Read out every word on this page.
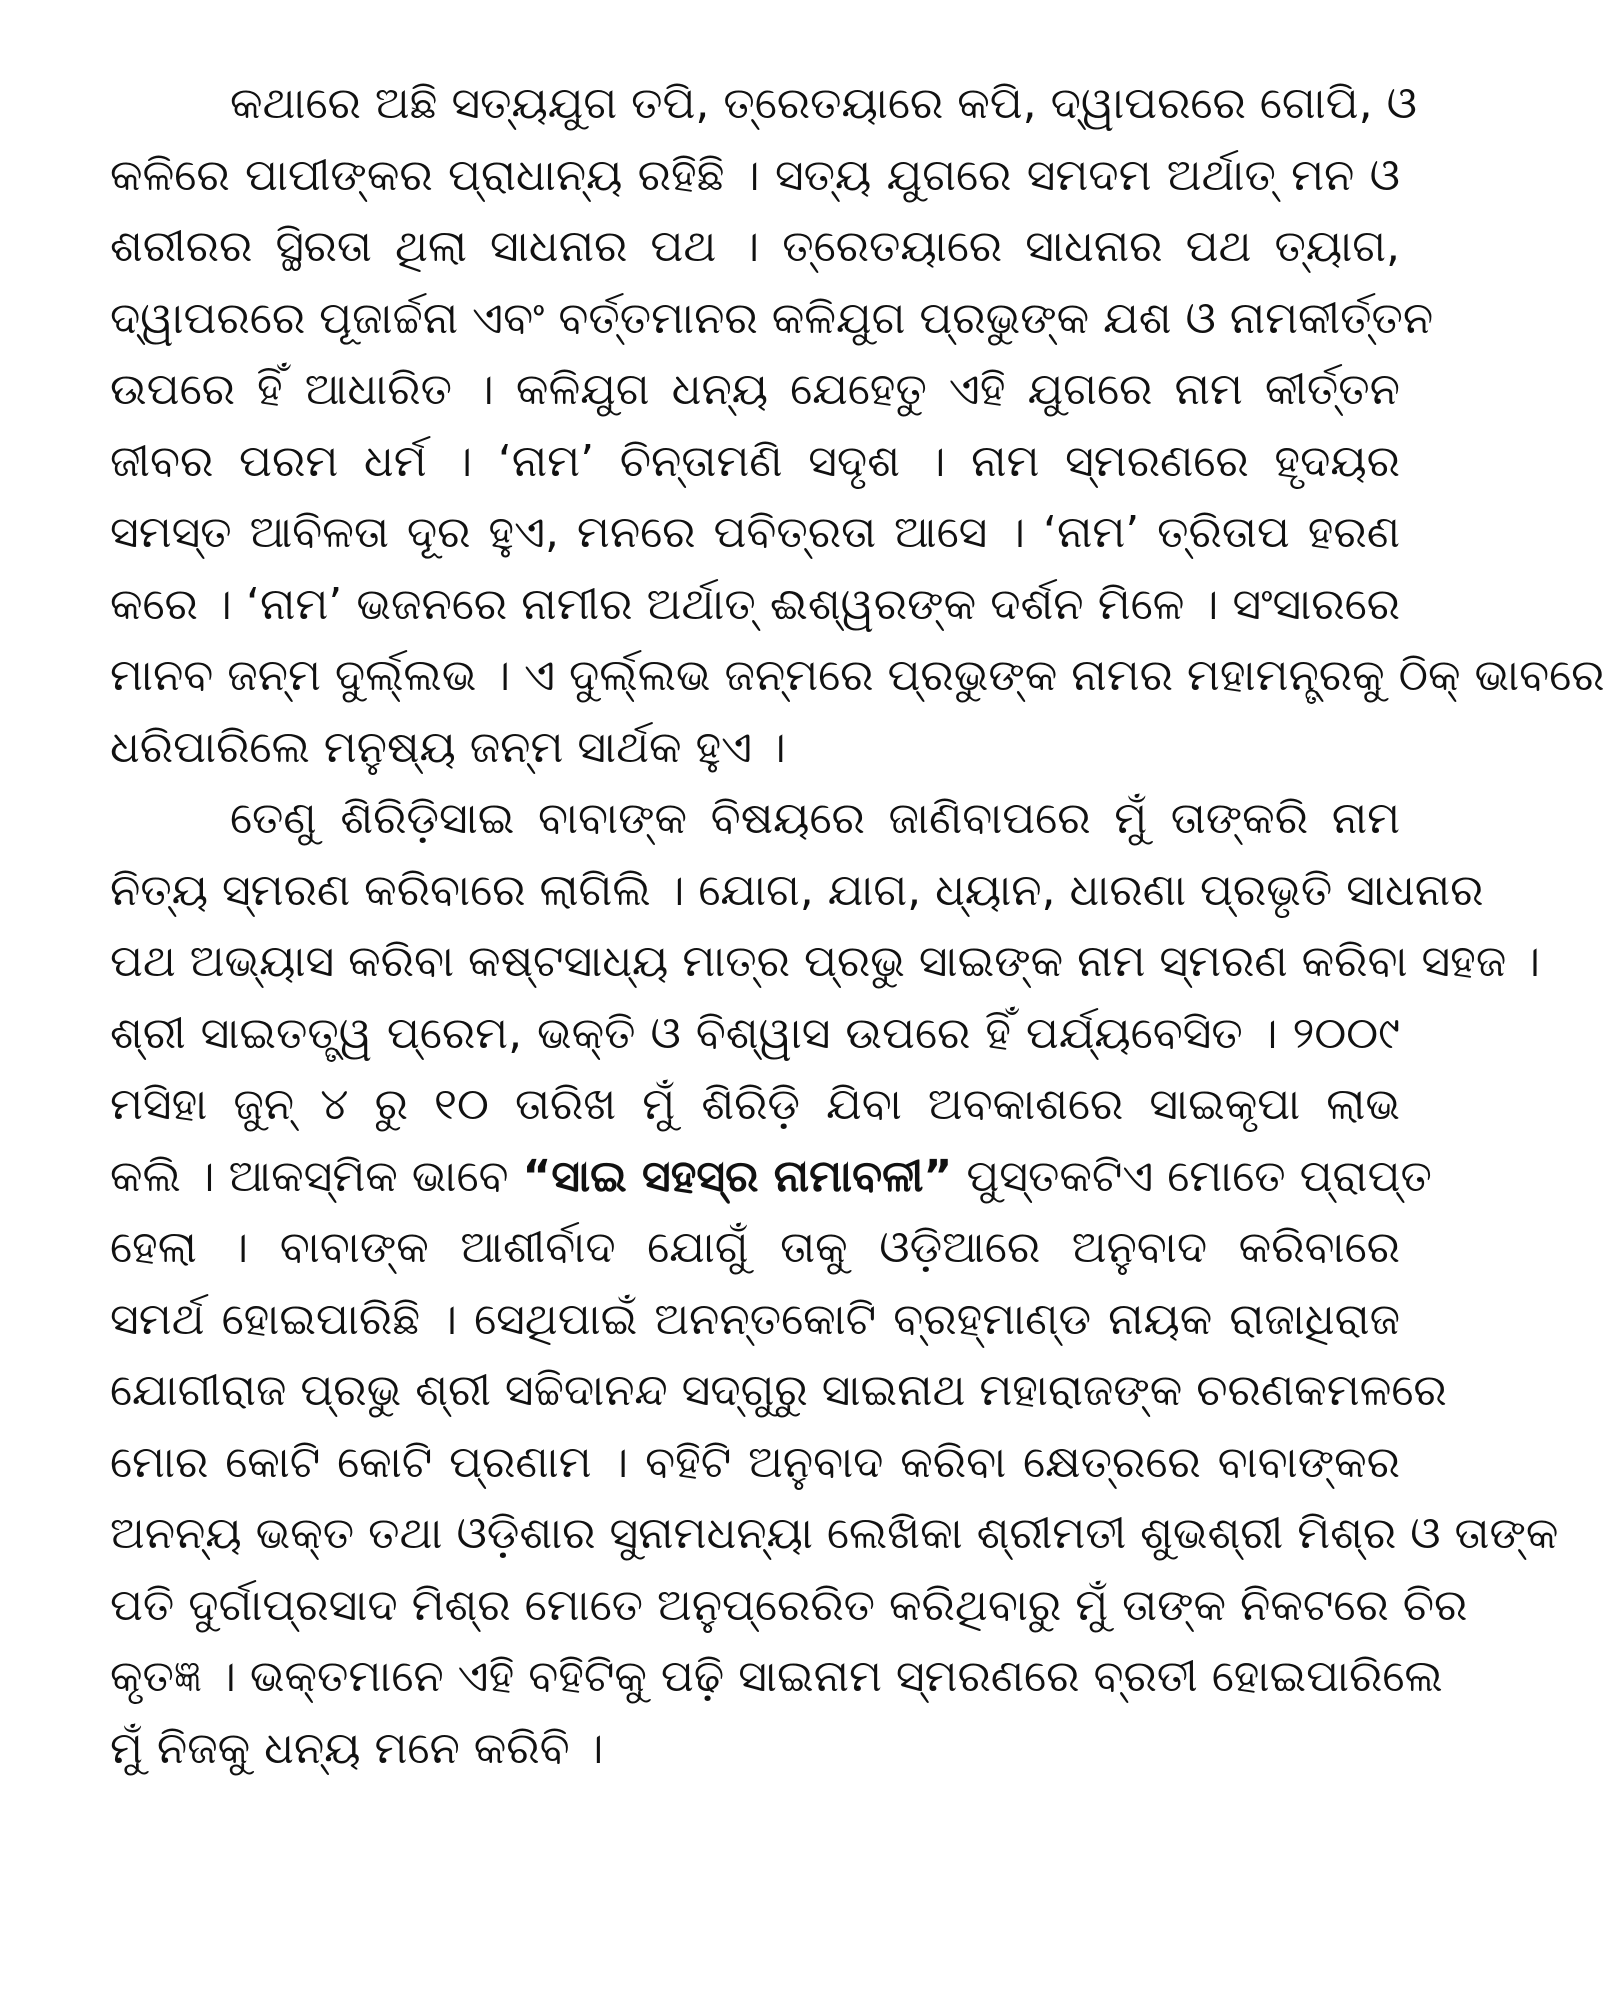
କଥାରେ ଅଛି ସତ୍ୟଯୁଗ ତପି, ତ୍ରେତୟାରେ କପି, ଦ୍ୱାପରରେ ଗୋପି, ଓ
କଳିରେ ପାପୀଙ୍କର ପ୍ରାଧାନ୍ୟ ରହିଛି । ସତ୍ୟ ଯୁଗରେ ସମଦମ ଅର୍ଥାତ୍ ମନ ଓ
ଶରୀରର ସ୍ଥିରତା ଥିଲା ସାଧନାର ପଥ । ତ୍ରେତୟାରେ ସାଧନାର ପଥ ତ୍ୟାଗ,
ଦ୍ୱାପରରେ ପୂଜାର୍ଚ୍ଚନା ଏବଂ ବର୍ତ୍ତମାନର କଳିଯୁଗ ପ୍ରଭୁଙ୍କ ଯଶ ଓ ନାମକୀର୍ତ୍ତନ
ଉପରେ ହିଁ ଆଧାରିତ । କଳିଯୁଗ ଧନ୍ୟ ଯେହେତୁ ଏହି ଯୁଗରେ ନାମ କୀର୍ତ୍ତନ
ଜୀବର ପରମ ଧର୍ମ । ‘ନାମ’ ଚିନ୍ତାମଣି ସଦୃଶ । ନାମ ସ୍ମରଣରେ ହୃଦୟର
ସମସ୍ତ ଆବିଳତା ଦୂର ହୁଏ, ମନରେ ପବିତ୍ରତା ଆସେ । ‘ନାମ’ ତ୍ରିତାପ ହରଣ
କରେ । ‘ନାମ’ ଭଜନରେ ନାମୀର ଅର୍ଥାତ୍ ଈଶ୍ୱରଙ୍କ ଦର୍ଶନ ମିଳେ । ସଂସାରରେ
ମାନବ ଜନ୍ମ ଦୁର୍ଲ୍ଲଭ । ଏ ଦୁର୍ଲ୍ଲଭ ଜନ୍ମରେ ପ୍ରଭୁଙ୍କ ନାମର ମହାମନ୍ତ୍ରକୁ ଠିକ୍ ଭାବରେ
ଧରିପାରିଲେ ମନୁଷ୍ୟ ଜନ୍ମ ସାର୍ଥକ ହୁଏ ।
ତେଣୁ ଶିରିଡ଼ିସାଇ ବାବାଙ୍କ ବିଷୟରେ ଜାଣିବାପରେ ମୁଁ ତାଙ୍କରି ନାମ
ନିତ୍ୟ ସ୍ମରଣ କରିବାରେ ଲାଗିଲି । ଯୋଗ, ଯାଗ, ଧ୍ୟାନ, ଧାରଣା ପ୍ରଭୃତି ସାଧନାର
ପଥ ଅଭ୍ୟାସ କରିବା କଷ୍ଟସାଧ୍ୟ ମାତ୍ର ପ୍ରଭୁ ସାଇଙ୍କ ନାମ ସ୍ମରଣ କରିବା ସହଜ ।
ଶ୍ରୀ ସାଇତତ୍ତ୍ୱ ପ୍ରେମ, ଭକ୍ତି ଓ ବିଶ୍ୱାସ ଉପରେ ହିଁ ପର୍ଯ୍ୟବେସିତ । ୨୦୦୯
ମସିହା ଜୁନ୍ ୪ ରୁ ୧୦ ତାରିଖ ମୁଁ ଶିରିଡ଼ି ଯିବା ଅବକାଶରେ ସାଇକୃପା ଲାଭ
କଲି । ଆକସ୍ମିକ ଭାବେ “ସାଇ ସହସ୍ର ନାମାବଳୀ” ପୁସ୍ତକଟିଏ ମୋତେ ପ୍ରାପ୍ତ
ହେଲା । ବାବାଙ୍କ ଆଶୀର୍ବାଦ ଯୋଗୁଁ ତାକୁ ଓଡ଼ିଆରେ ଅନୁବାଦ କରିବାରେ
ସମର୍ଥ ହୋଇପାରିଛି । ସେଥିପାଇଁ ଅନନ୍ତକୋଟି ବ୍ରହ୍ମାଣ୍ଡ ନାୟକ ରାଜାଧିରାଜ
ଯୋଗୀରାଜ ପ୍ରଭୁ ଶ୍ରୀ ସଚ୍ଚିଦାନନ୍ଦ ସଦ୍‌ଗୁରୁ ସାଇନାଥ ମହାରାଜଙ୍କ ଚରଣକମଳରେ
ମୋର କୋଟି କୋଟି ପ୍ରଣାମ । ବହିଟି ଅନୁବାଦ କରିବା କ୍ଷେତ୍ରରେ ବାବାଙ୍କର
ଅନନ୍ୟ ଭକ୍ତ ତଥା ଓଡ଼ିଶାର ସୁନାମଧନ୍ୟା ଲେଖିକା ଶ୍ରୀମତୀ ଶୁଭଶ୍ରୀ ମିଶ୍ର ଓ ତାଙ୍କ
ପତି ଦୁର୍ଗାପ୍ରସାଦ ମିଶ୍ର ମୋତେ ଅନୁପ୍ରେରିତ କରିଥିବାରୁ ମୁଁ ତାଙ୍କ ନିକଟରେ ଚିର
କୃତଜ୍ଞ । ଭକ୍ତମାନେ ଏହି ବହିଟିକୁ ପଢ଼ି ସାଇନାମ ସ୍ମରଣରେ ବ୍ରତୀ ହୋଇପାରିଲେ
ମୁଁ ନିଜକୁ ଧନ୍ୟ ମନେ କରିବି ।
